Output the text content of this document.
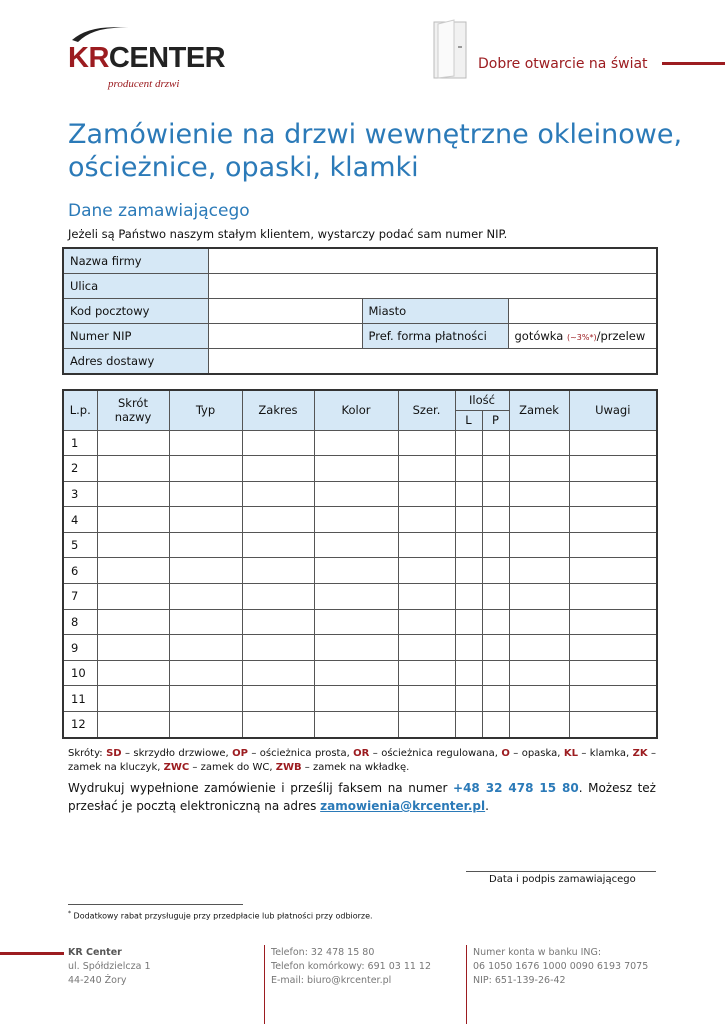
KRCENTER
producent drzwi
Dobre otwarcie na świat
Zamówienie na drzwi wewnętrzne okleinowe, ościeżnice, opaski, klamki
Dane zamawiającego
Jeżeli są Państwo naszym stałym klientem, wystarczy podać sam numer NIP.
Nazwa firmy			
Ulica			
Kod pocztowy		Miasto	
Numer NIP		Pref. forma płatności	gotówka (~3%*)/przelew
Adres dostawy			
L.p.	Skrót nazwy	Typ	Zakres	Kolor	Szer.	Ilość		Zamek	Uwagi
						L	P		
1									
2									
3									
4									
5									
6									
7									
8									
9									
10									
11									
12									
Skróty: SD – skrzydło drzwiowe, OP – ościeżnica prosta, OR – ościeżnica regulowana, O – opaska, KL – klamka, ZK – zamek na kluczyk, ZWC – zamek do WC, ZWB – zamek na wkładkę.
Wydrukuj wypełnione zamówienie i prześlij faksem na numer +48 32 478 15 80. Możesz też przesłać je pocztą elektroniczną na adres zamowienia@krcenter.pl.
Data i podpis zamawiającego
* Dodatkowy rabat przysługuje przy przedpłacie lub płatności przy odbiorze.
KR Center
ul. Spółdzielcza 1
44-240 Żory
Telefon: 32 478 15 80
Telefon komórkowy: 691 03 11 12
E-mail: biuro@krcenter.pl
Numer konta w banku ING:
06 1050 1676 1000 0090 6193 7075
NIP: 651-139-26-42
